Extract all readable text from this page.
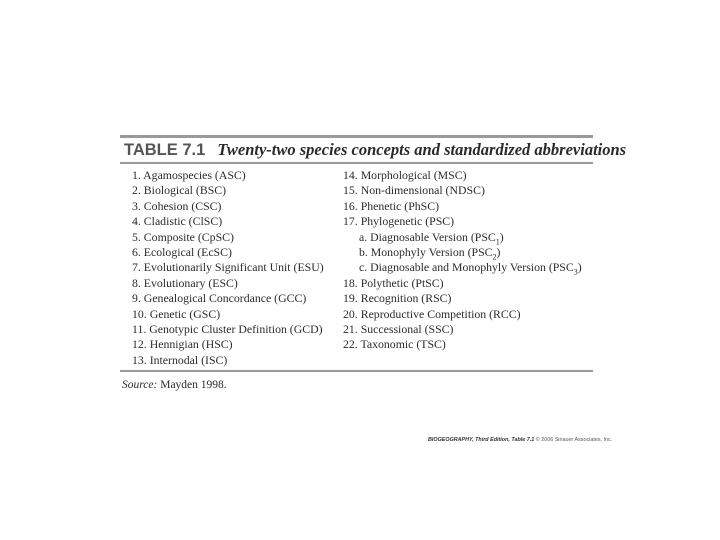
TABLE 7.1 Twenty-two species concepts and standardized abbreviations
1. Agamospecies (ASC)
2. Biological (BSC)
3. Cohesion (CSC)
4. Cladistic (ClSC)
5. Composite (CpSC)
6. Ecological (EcSC)
7. Evolutionarily Significant Unit (ESU)
8. Evolutionary (ESC)
9. Genealogical Concordance (GCC)
10. Genetic (GSC)
11. Genotypic Cluster Definition (GCD)
12. Hennigian (HSC)
13. Internodal (ISC)
14. Morphological (MSC)
15. Non-dimensional (NDSC)
16. Phenetic (PhSC)
17. Phylogenetic (PSC)
a. Diagnosable Version $(PSC_1)$
b. Monophyly Version $(PSC_2)$
c. Diagnosable and Monophyly Version $(PSC_3)$
18. Polythetic (PtSC)
19. Recognition (RSC)
20. Reproductive Competition (RCC)
21. Successional (SSC)
22. Taxonomic (TSC)
Source: Mayden 1998.
BIOGEOGRAPHY, Third Edition, Table 7.1 © 2006 Sinauer Associates, Inc.
